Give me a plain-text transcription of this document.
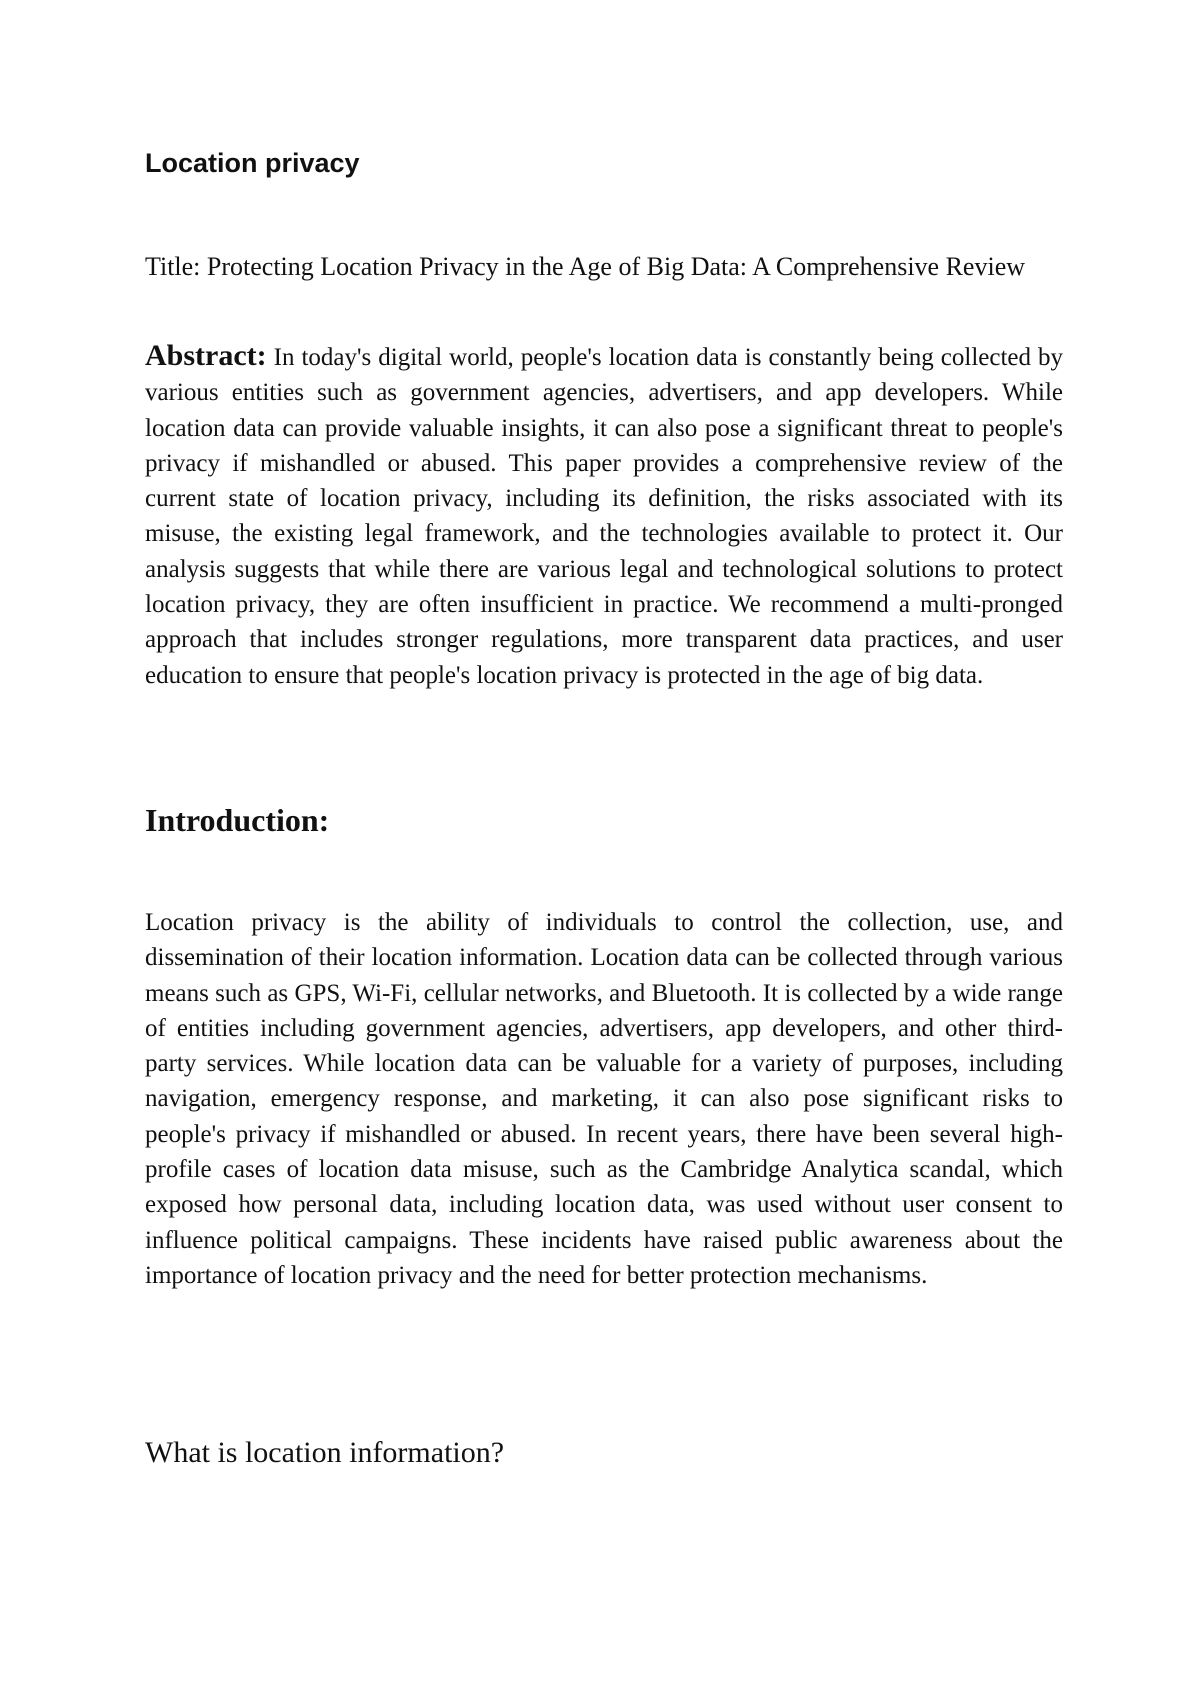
Location privacy

Title: Protecting Location Privacy in the Age of Big Data: A Comprehensive Review

Abstract: In today's digital world, people's location data is constantly being collected by various entities such as government agencies, advertisers, and app developers. While location data can provide valuable insights, it can also pose a significant threat to people's privacy if mishandled or abused. This paper provides a comprehensive review of the current state of location privacy, including its definition, the risks associated with its misuse, the existing legal framework, and the technologies available to protect it. Our analysis suggests that while there are various legal and technological solutions to protect location privacy, they are often insufficient in practice. We recommend a multi-pronged approach that includes stronger regulations, more transparent data practices, and user education to ensure that people's location privacy is protected in the age of big data.

Introduction:

Location privacy is the ability of individuals to control the collection, use, and dissemination of their location information. Location data can be collected through various means such as GPS, Wi-Fi, cellular networks, and Bluetooth. It is collected by a wide range of entities including government agencies, advertisers, app developers, and other third-party services. While location data can be valuable for a variety of purposes, including navigation, emergency response, and marketing, it can also pose significant risks to people's privacy if mishandled or abused. In recent years, there have been several high-profile cases of location data misuse, such as the Cambridge Analytica scandal, which exposed how personal data, including location data, was used without user consent to influence political campaigns. These incidents have raised public awareness about the importance of location privacy and the need for better protection mechanisms.

What is location information?
